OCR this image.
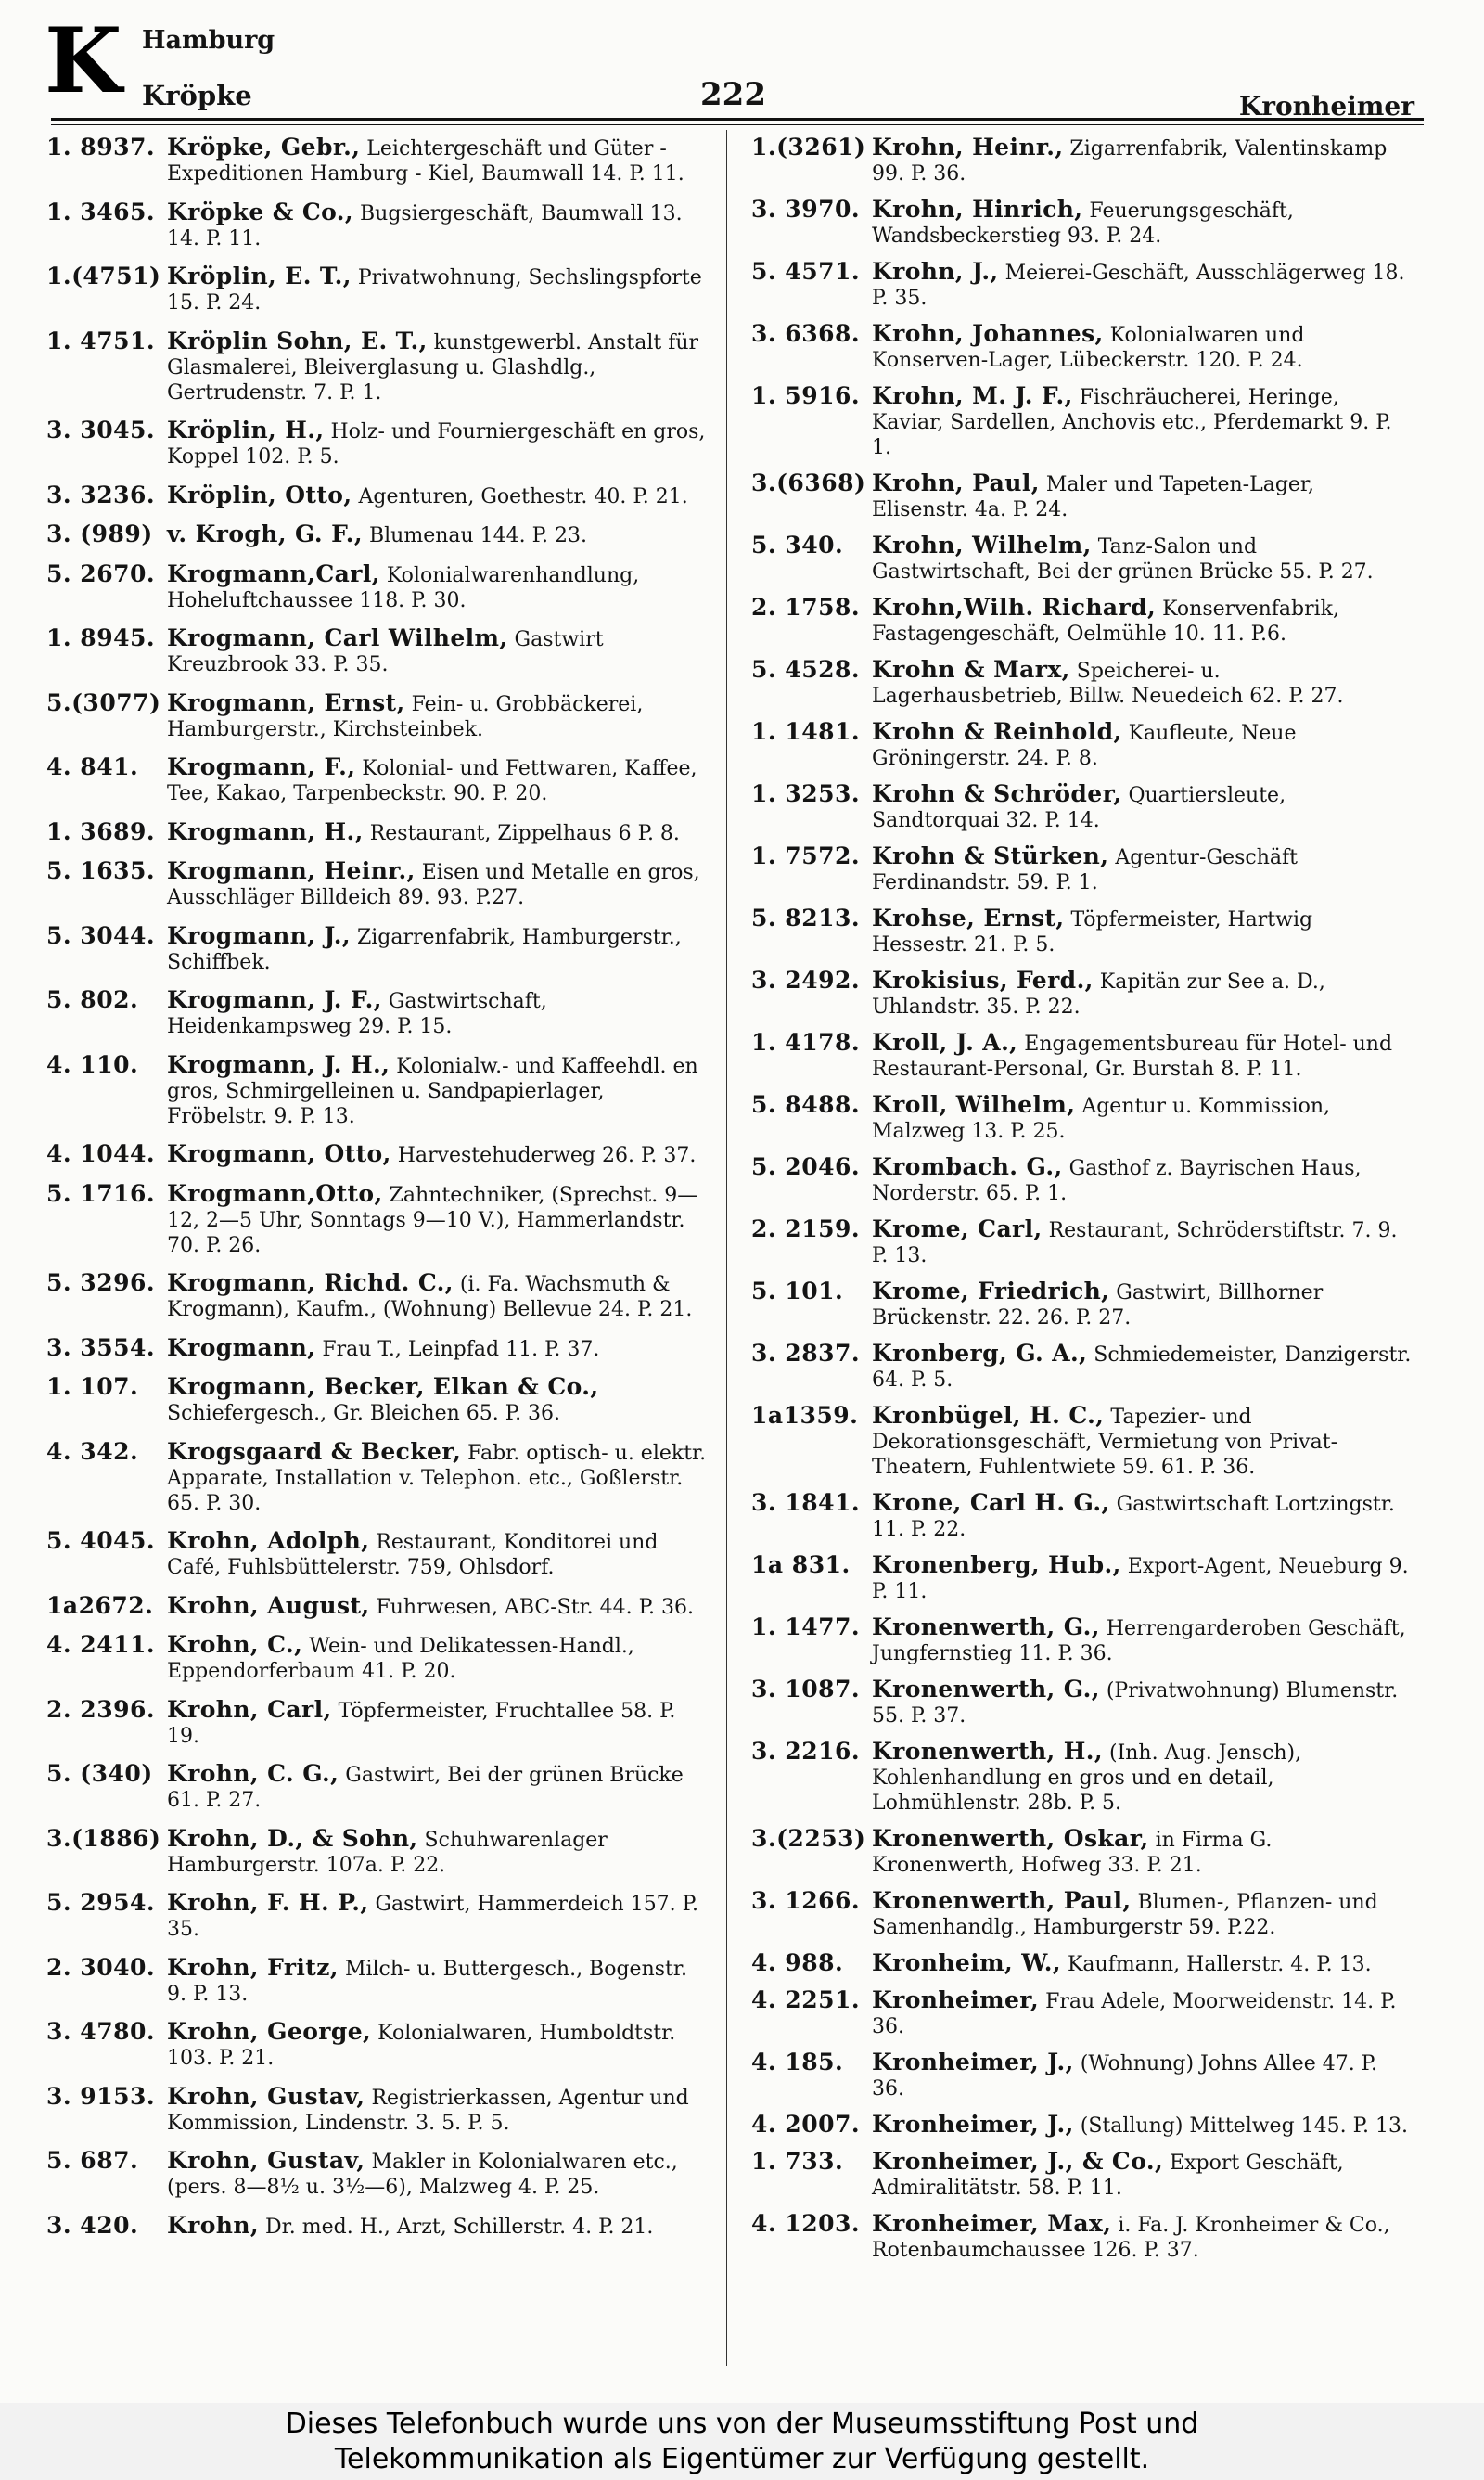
K Hamburg
Kröpke	222	Kronheimer
1. 8937. Kröpke, Gebr., Leichtergeschäft und Güter - Expeditionen Hamburg - Kiel, Baumwall 14. P. 11.
1. 3465. Kröpke & Co., Bugsiergeschäft, Baumwall 13. 14. P. 11.
1.(4751) Kröplin, E. T., Privatwohnung, Sechslingspforte 15. P. 24.
1. 4751. Kröplin Sohn, E. T., kunstgewerbl. Anstalt für Glasmalerei, Bleiverglasung u. Glashdlg., Gertrudenstr. 7. P. 1.
3. 3045. Kröplin, H., Holz- und Fourniergeschäft en gros, Koppel 102. P. 5.
3. 3236. Kröplin, Otto, Agenturen, Goethestr. 40. P. 21.
3. (989) v. Krogh, G. F., Blumenau 144. P. 23.
5. 2670. Krogmann,Carl, Kolonialwarenhandlung, Hoheluftchaussee 118. P. 30.
1. 8945. Krogmann, Carl Wilhelm, Gastwirt Kreuzbrook 33. P. 35.
5.(3077) Krogmann, Ernst, Fein- u. Grobbäckerei, Hamburgerstr., Kirchsteinbek.
4. 841. Krogmann, F., Kolonial- und Fettwaren, Kaffee, Tee, Kakao, Tarpenbeckstr. 90. P. 20.
1. 3689. Krogmann, H., Restaurant, Zippelhaus 6 P. 8.
5. 1635. Krogmann, Heinr., Eisen und Metalle en gros, Ausschläger Billdeich 89. 93. P.27.
5. 3044. Krogmann, J., Zigarrenfabrik, Hamburgerstr., Schiffbek.
5. 802. Krogmann, J. F., Gastwirtschaft, Heidenkampsweg 29. P. 15.
4. 110. Krogmann, J. H., Kolonialw.- und Kaffeehdl. en gros, Schmirgelleinen u. Sandpapierlager, Fröbelstr. 9. P. 13.
4. 1044. Krogmann, Otto, Harvestehuderweg 26. P. 37.
5. 1716. Krogmann,Otto, Zahntechniker, (Sprechst. 9—12, 2—5 Uhr, Sonntags 9—10 V.), Hammerlandstr. 70. P. 26.
5. 3296. Krogmann, Richd. C., (i. Fa. Wachsmuth & Krogmann), Kaufm., (Wohnung) Bellevue 24. P. 21.
3. 3554. Krogmann, Frau T., Leinpfad 11. P. 37.
1. 107. Krogmann, Becker, Elkan & Co., Schiefergesch., Gr. Bleichen 65. P. 36.
4. 342. Krogsgaard & Becker, Fabr. optisch- u. elektr. Apparate, Installation v. Telephon. etc., Goßlerstr. 65. P. 30.
5. 4045. Krohn, Adolph, Restaurant, Konditorei und Café, Fuhlsbüttelerstr. 759, Ohlsdorf.
1a2672. Krohn, August, Fuhrwesen, ABC-Str. 44. P. 36.
4. 2411. Krohn, C., Wein- und Delikatessen-Handl., Eppendorferbaum 41. P. 20.
2. 2396. Krohn, Carl, Töpfermeister, Fruchtallee 58. P. 19.
5. (340) Krohn, C. G., Gastwirt, Bei der grünen Brücke 61. P. 27.
3.(1886) Krohn, D., & Sohn, Schuhwarenlager Hamburgerstr. 107a. P. 22.
5. 2954. Krohn, F. H. P., Gastwirt, Hammerdeich 157. P. 35.
2. 3040. Krohn, Fritz, Milch- u. Buttergesch., Bogenstr. 9. P. 13.
3. 4780. Krohn, George, Kolonialwaren, Humboldtstr. 103. P. 21.
3. 9153. Krohn, Gustav, Registrierkassen, Agentur und Kommission, Lindenstr. 3. 5. P. 5.
5. 687. Krohn, Gustav, Makler in Kolonialwaren etc., (pers. 8—8½ u. 3½—6), Malzweg 4. P. 25.
3. 420. Krohn, Dr. med. H., Arzt, Schillerstr. 4. P. 21.
1.(3261) Krohn, Heinr., Zigarrenfabrik, Valentinskamp 99. P. 36.
3. 3970. Krohn, Hinrich, Feuerungsgeschäft, Wandsbeckerstieg 93. P. 24.
5. 4571. Krohn, J., Meierei-Geschäft, Ausschlägerweg 18. P. 35.
3. 6368. Krohn, Johannes, Kolonialwaren und Konserven-Lager, Lübeckerstr. 120. P. 24.
1. 5916. Krohn, M. J. F., Fischräucherei, Heringe, Kaviar, Sardellen, Anchovis etc., Pferdemarkt 9. P. 1.
3.(6368) Krohn, Paul, Maler und Tapeten-Lager, Elisenstr. 4a. P. 24.
5. 340. Krohn, Wilhelm, Tanz-Salon und Gastwirtschaft, Bei der grünen Brücke 55. P. 27.
2. 1758. Krohn,Wilh. Richard, Konservenfabrik, Fastagengeschäft, Oelmühle 10. 11. P.6.
5. 4528. Krohn & Marx, Speicherei- u. Lagerhausbetrieb, Billw. Neuedeich 62. P. 27.
1. 1481. Krohn & Reinhold, Kaufleute, Neue Gröningerstr. 24. P. 8.
1. 3253. Krohn & Schröder, Quartiersleute, Sandtorquai 32. P. 14.
1. 7572. Krohn & Stürken, Agentur-Geschäft Ferdinandstr. 59. P. 1.
5. 8213. Krohse, Ernst, Töpfermeister, Hartwig Hessestr. 21. P. 5.
3. 2492. Krokisius, Ferd., Kapitän zur See a. D., Uhlandstr. 35. P. 22.
1. 4178. Kroll, J. A., Engagementsbureau für Hotel- und Restaurant-Personal, Gr. Burstah 8. P. 11.
5. 8488. Kroll, Wilhelm, Agentur u. Kommission, Malzweg 13. P. 25.
5. 2046. Krombach. G., Gasthof z. Bayrischen Haus, Norderstr. 65. P. 1.
2. 2159. Krome, Carl, Restaurant, Schröderstiftstr. 7. 9. P. 13.
5. 101. Krome, Friedrich, Gastwirt, Billhorner Brückenstr. 22. 26. P. 27.
3. 2837. Kronberg, G. A., Schmiedemeister, Danzigerstr. 64. P. 5.
1a1359. Kronbügel, H. C., Tapezier- und Dekorationsgeschäft, Vermietung von Privat-Theatern, Fuhlentwiete 59. 61. P. 36.
3. 1841. Krone, Carl H. G., Gastwirtschaft Lortzingstr. 11. P. 22.
1a 831. Kronenberg, Hub., Export-Agent, Neueburg 9. P. 11.
1. 1477. Kronenwerth, G., Herrengarderoben Geschäft, Jungfernstieg 11. P. 36.
3. 1087. Kronenwerth, G., (Privatwohnung) Blumenstr. 55. P. 37.
3. 2216. Kronenwerth, H., (Inh. Aug. Jensch), Kohlenhandlung en gros und en detail, Lohmühlenstr. 28b. P. 5.
3.(2253) Kronenwerth, Oskar, in Firma G. Kronenwerth, Hofweg 33. P. 21.
3. 1266. Kronenwerth, Paul, Blumen-, Pflanzen- und Samenhandlg., Hamburgerstr 59. P.22.
4. 988. Kronheim, W., Kaufmann, Hallerstr. 4. P. 13.
4. 2251. Kronheimer, Frau Adele, Moorweidenstr. 14. P. 36.
4. 185. Kronheimer, J., (Wohnung) Johns Allee 47. P. 36.
4. 2007. Kronheimer, J., (Stallung) Mittelweg 145. P. 13.
1. 733. Kronheimer, J., & Co., Export Geschäft, Admiralitätstr. 58. P. 11.
4. 1203. Kronheimer, Max, i. Fa. J. Kronheimer & Co., Rotenbaumchaussee 126. P. 37.
Dieses Telefonbuch wurde uns von der Museumsstiftung Post und
Telekommunikation als Eigentümer zur Verfügung gestellt.
